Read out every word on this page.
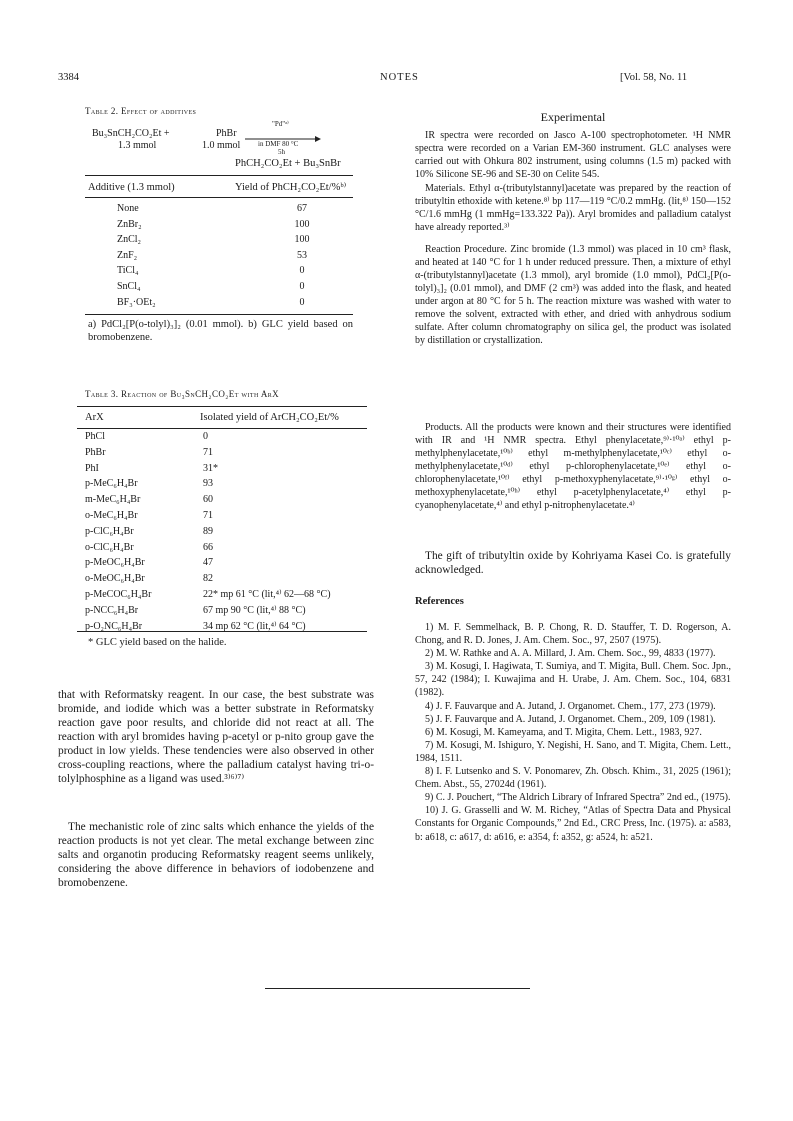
3384	NOTES	[Vol. 58, No. 11
Table 2. Effect of additives
Bu₃SnCH₂CO₂Et +
1.3 mmol
PhBr
1.0 mmol
"Pd"ᵃ⁾
in DMF 80 °C
5h
PhCH₂CO₂Et + Bu₃SnBr
Additive (1.3 mmol)	Yield of PhCH₂CO₂Et/%ᵇ⁾
None	67	
ZnBr₂	100	
ZnCl₂	100	
ZnF₂	53	
TiCl₄	0	
SnCl₄	0	
BF₃·OEt₂	0	
a) PdCl₂[P(o-tolyl)₃]₂ (0.01 mmol). b) GLC yield based on bromobenzene.
Table 3. Reaction of Bu₃SnCH₂CO₂Et with ArX
ArX	Isolated yield of ArCH₂CO₂Et/%
PhCl	0
PhBr	71
PhI	31*
p-MeC₆H₄Br	93
m-MeC₆H₄Br	60
o-MeC₆H₄Br	71
p-ClC₆H₄Br	89
o-ClC₆H₄Br	66
p-MeOC₆H₄Br	47
o-MeOC₆H₄Br	82
p-MeCOC₆H₄Br	22* mp 61 °C (lit,⁴⁾ 62—68 °C)
p-NCC₆H₄Br	67 mp 90 °C (lit,⁴⁾ 88 °C)
p-O₂NC₆H₄Br	34 mp 62 °C (lit,⁴⁾ 64 °C)
* GLC yield based on the halide.
that with Reformatsky reagent. In our case, the best substrate was bromide, and iodide which was a better substrate in Reformatsky reaction gave poor results, and chloride did not react at all. The reaction with aryl bromides having p-acetyl or p-nito group gave the product in low yields. These tendencies were also observed in other cross-coupling reactions, where the palladium catalyst having tri-o-tolylphosphine as a ligand was used.³⁾⁶⁾⁷⁾
The mechanistic role of zinc salts which enhance the yields of the reaction products is not yet clear. The metal exchange between zinc salts and organotin producing Reformatsky reagent seems unlikely, considering the above difference in behaviors of iodobenzene and bromobenzene.
Experimental
IR spectra were recorded on Jasco A-100 spectrophotometer. ¹H NMR spectra were recorded on a Varian EM-360 instrument. GLC analyses were carried out with Ohkura 802 instrument, using columns (1.5 m) packed with 10% Silicone SE-96 and SE-30 on Celite 545.
Materials. Ethyl α-(tributylstannyl)acetate was prepared by the reaction of tributyltin ethoxide with ketene.⁸⁾ bp 117—119 °C/0.2 mmHg. (lit,⁸⁾ 150—152 °C/1.6 mmHg (1 mmHg=133.322 Pa)). Aryl bromides and palladium catalyst have already reported.³⁾
Reaction Procedure. Zinc bromide (1.3 mmol) was placed in 10 cm³ flask, and heated at 140 °C for 1 h under reduced pressure. Then, a mixture of ethyl α-(tributylstannyl)acetate (1.3 mmol), aryl bromide (1.0 mmol), PdCl₂[P(o-tolyl)₃]₂ (0.01 mmol), and DMF (2 cm³) was added into the flask, and heated under argon at 80 °C for 5 h. The reaction mixture was washed with water to remove the solvent, extracted with ether, and dried with anhydrous sodium sulfate. After column chromatography on silica gel, the product was isolated by distillation or crystallization.
Products. All the products were known and their structures were identified with IR and ¹H NMR spectra. Ethyl phenylacetate,⁹⁾·¹⁰ᵃ⁾ ethyl p-methylphenylacetate,¹⁰ᵇ⁾ ethyl m-methylphenylacetate,¹⁰ᶜ⁾ ethyl o-methylphenylacetate,¹⁰ᵈ⁾ ethyl p-chlorophenylacetate,¹⁰ᵉ⁾ ethyl o-chlorophenylacetate,¹⁰ᶠ⁾ ethyl p-methoxyphenylacetate,⁹⁾·¹⁰ᵍ⁾ ethyl o-methoxyphenylacetate,¹⁰ʰ⁾ ethyl p-acetylphenylacetate,⁴⁾ ethyl p-cyanophenylacetate,⁴⁾ and ethyl p-nitrophenylacetate.⁴⁾
The gift of tributyltin oxide by Kohriyama Kasei Co. is gratefully acknowledged.
References
1) M. F. Semmelhack, B. P. Chong, R. D. Stauffer, T. D. Rogerson, A. Chong, and R. D. Jones, J. Am. Chem. Soc., 97, 2507 (1975).
2) M. W. Rathke and A. A. Millard, J. Am. Chem. Soc., 99, 4833 (1977).
3) M. Kosugi, I. Hagiwata, T. Sumiya, and T. Migita, Bull. Chem. Soc. Jpn., 57, 242 (1984); I. Kuwajima and H. Urabe, J. Am. Chem. Soc., 104, 6831 (1982).
4) J. F. Fauvarque and A. Jutand, J. Organomet. Chem., 177, 273 (1979).
5) J. F. Fauvarque and A. Jutand, J. Organomet. Chem., 209, 109 (1981).
6) M. Kosugi, M. Kameyama, and T. Migita, Chem. Lett., 1983, 927.
7) M. Kosugi, M. Ishiguro, Y. Negishi, H. Sano, and T. Migita, Chem. Lett., 1984, 1511.
8) I. F. Lutsenko and S. V. Ponomarev, Zh. Obsch. Khim., 31, 2025 (1961); Chem. Abst., 55, 27024d (1961).
9) C. J. Pouchert, “The Aldrich Library of Infrared Spectra” 2nd ed., (1975).
10) J. G. Grasselli and W. M. Richey, “Atlas of Spectra Data and Physical Constants for Organic Compounds,” 2nd Ed., CRC Press, Inc. (1975). a: a583, b: a618, c: a617, d: a616, e: a354, f: a352, g: a524, h: a521.
